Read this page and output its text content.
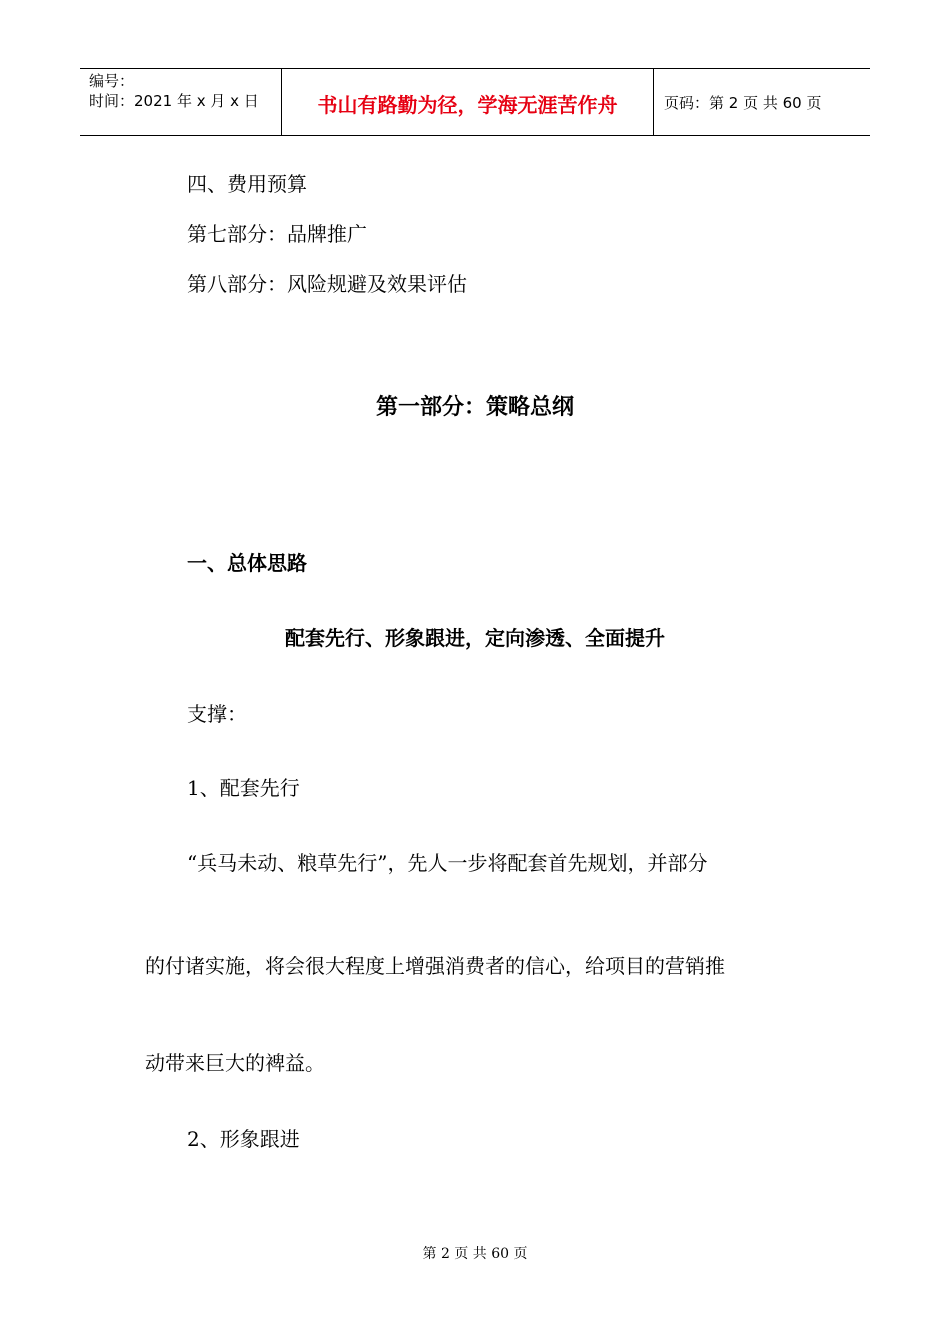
编号：
时间：2021 年 x 月 x 日	书山有路勤为径，学海无涯苦作舟	页码：第 2 页 共 60 页
四、费用预算
第七部分：品牌推广
第八部分：风险规避及效果评估
第一部分：策略总纲
一、总体思路
配套先行、形象跟进，定向渗透、全面提升
支撑：
1、配套先行
“兵马未动、粮草先行”，先人一步将配套首先规划，并部分
的付诸实施，将会很大程度上增强消费者的信心，给项目的营销推
动带来巨大的裨益。
2、形象跟进
第 2 页 共 60 页
